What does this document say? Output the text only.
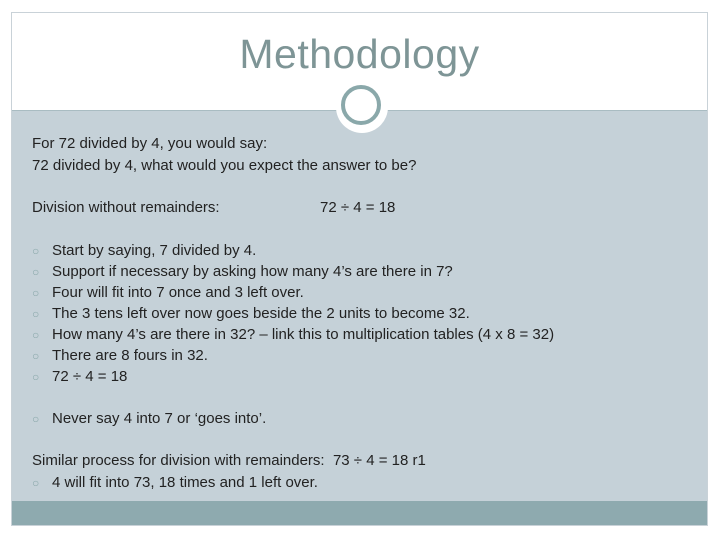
Methodology
For 72 divided by 4, you would say:
72 divided by 4, what would you expect the answer to be?
Division without remainders:	72 ÷ 4 = 18
○ Start by saying, 7 divided by 4.
○ Support if necessary by asking how many 4’s are there in 7?
○ Four will fit into 7 once and 3 left over.
○ The 3 tens left over now goes beside the 2 units to become 32.
○ How many 4’s are there in 32? – link this to multiplication tables (4 x 8 = 32)
○ There are 8 fours in 32.
○ 72 ÷ 4 = 18
○ Never say 4 into 7 or ‘goes into’.
Similar process for division with remainders: 73 ÷ 4 = 18 r1
○ 4 will fit into 73, 18 times and 1 left over.
